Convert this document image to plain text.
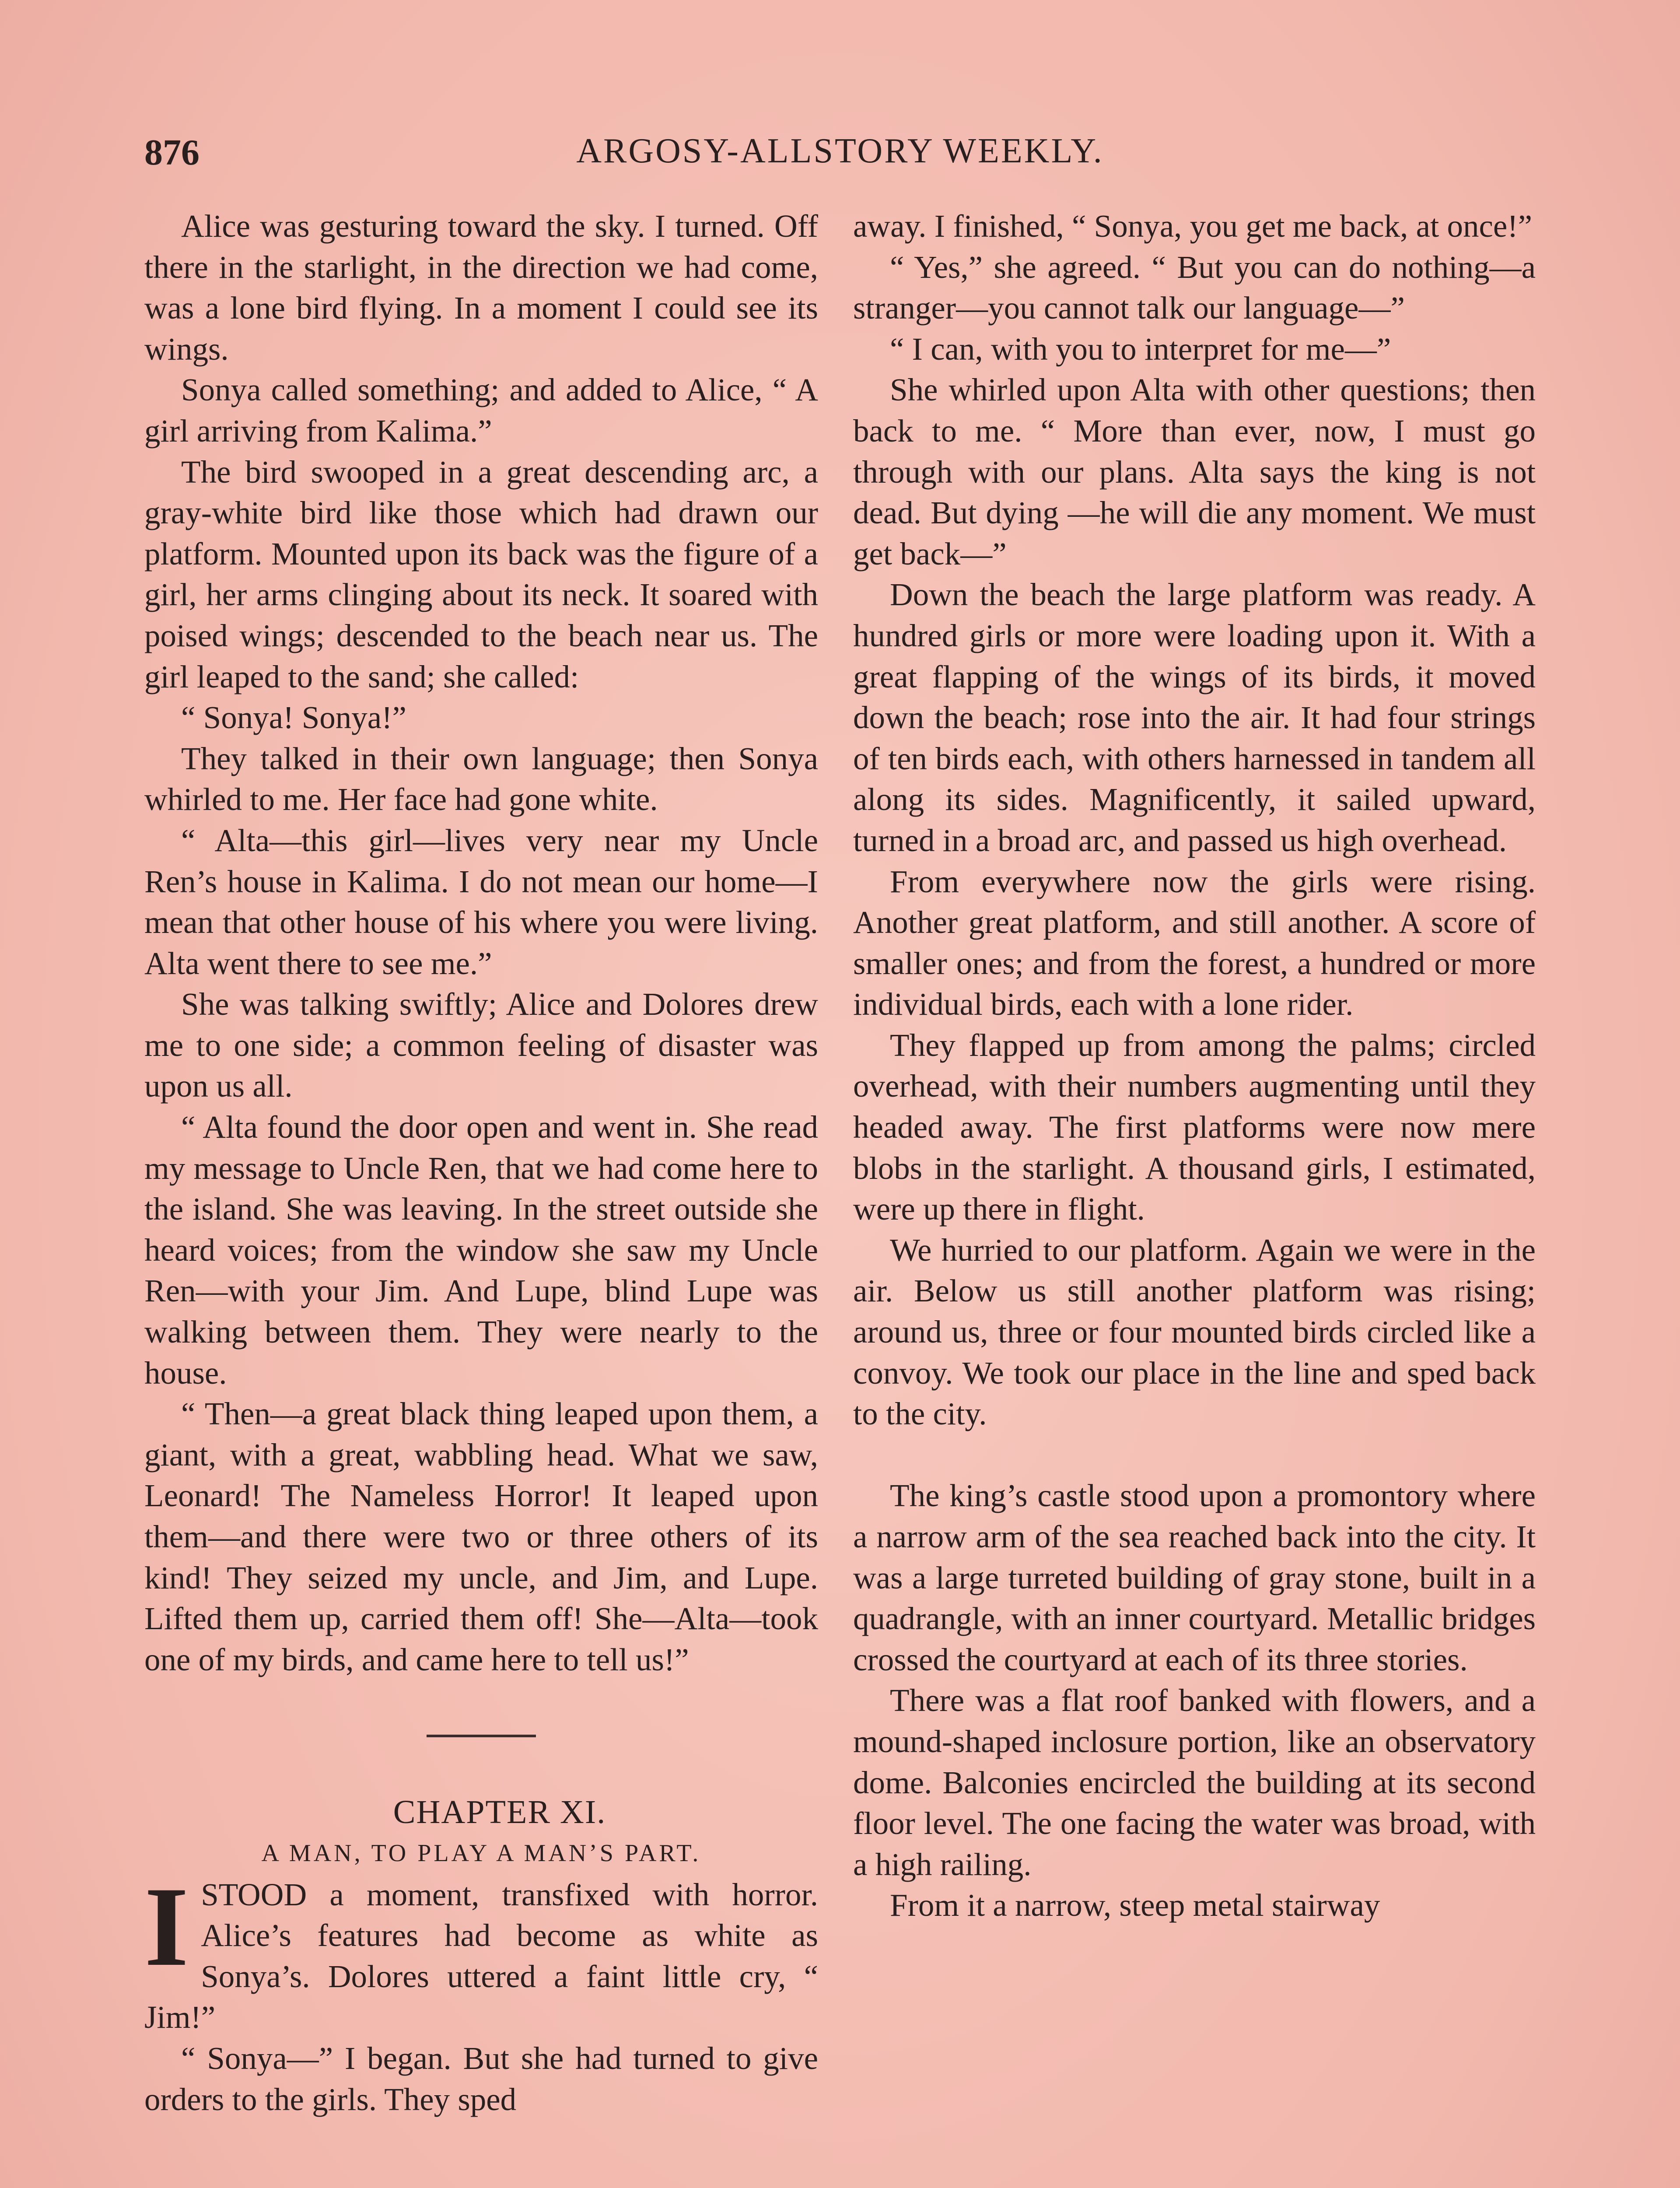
876	ARGOSY-ALLSTORY WEEKLY.

Alice was gesturing toward the sky. I turned. Off there in the starlight, in the direction we had come, was a lone bird flying. In a moment I could see its wings.

Sonya called something; and added to Alice, “ A girl arriving from Kalima.”

The bird swooped in a great descending arc, a gray-white bird like those which had drawn our platform. Mounted upon its back was the figure of a girl, her arms clinging about its neck. It soared with poised wings; descended to the beach near us. The girl leaped to the sand; she called:

“ Sonya! Sonya!”

They talked in their own language; then Sonya whirled to me. Her face had gone white.

“ Alta—this girl—lives very near my Uncle Ren’s house in Kalima. I do not mean our home—I mean that other house of his where you were living. Alta went there to see me.”

She was talking swiftly; Alice and Dolores drew me to one side; a common feeling of disaster was upon us all.

“ Alta found the door open and went in. She read my message to Uncle Ren, that we had come here to the island. She was leaving. In the street outside she heard voices; from the window she saw my Uncle Ren—with your Jim. And Lupe, blind Lupe was walking between them. They were nearly to the house.

“ Then—a great black thing leaped upon them, a giant, with a great, wabbling head. What we saw, Leonard! The Nameless Horror! It leaped upon them—and there were two or three others of its kind! They seized my uncle, and Jim, and Lupe. Lifted them up, carried them off! She—Alta—took one of my birds, and came here to tell us!”

CHAPTER XI.

A MAN, TO PLAY A MAN’S PART.

ISTOOD a moment, transfixed with horror. Alice’s features had become as white as Sonya’s. Dolores uttered a faint little cry, “ Jim!”

“ Sonya—” I began. But she had turned to give orders to the girls. They sped

away. I finished, “ Sonya, you get me back, at once!”

“ Yes,” she agreed. “ But you can do nothing—a stranger—you cannot talk our language—”

“ I can, with you to interpret for me—”

She whirled upon Alta with other questions; then back to me. “ More than ever, now, I must go through with our plans. Alta says the king is not dead. But dying —he will die any moment. We must get back—”

Down the beach the large platform was ready. A hundred girls or more were loading upon it. With a great flapping of the wings of its birds, it moved down the beach; rose into the air. It had four strings of ten birds each, with others harnessed in tandem all along its sides. Magnificently, it sailed upward, turned in a broad arc, and passed us high overhead.

From everywhere now the girls were rising. Another great platform, and still another. A score of smaller ones; and from the forest, a hundred or more individual birds, each with a lone rider.

They flapped up from among the palms; circled overhead, with their numbers augmenting until they headed away. The first platforms were now mere blobs in the starlight. A thousand girls, I estimated, were up there in flight.

We hurried to our platform. Again we were in the air. Below us still another platform was rising; around us, three or four mounted birds circled like a convoy. We took our place in the line and sped back to the city.

The king’s castle stood upon a promontory where a narrow arm of the sea reached back into the city. It was a large turreted building of gray stone, built in a quadrangle, with an inner courtyard. Metallic bridges crossed the courtyard at each of its three stories.

There was a flat roof banked with flowers, and a mound-shaped inclosure portion, like an observatory dome. Balconies encircled the building at its second floor level. The one facing the water was broad, with a high railing.

From it a narrow, steep metal stairway
